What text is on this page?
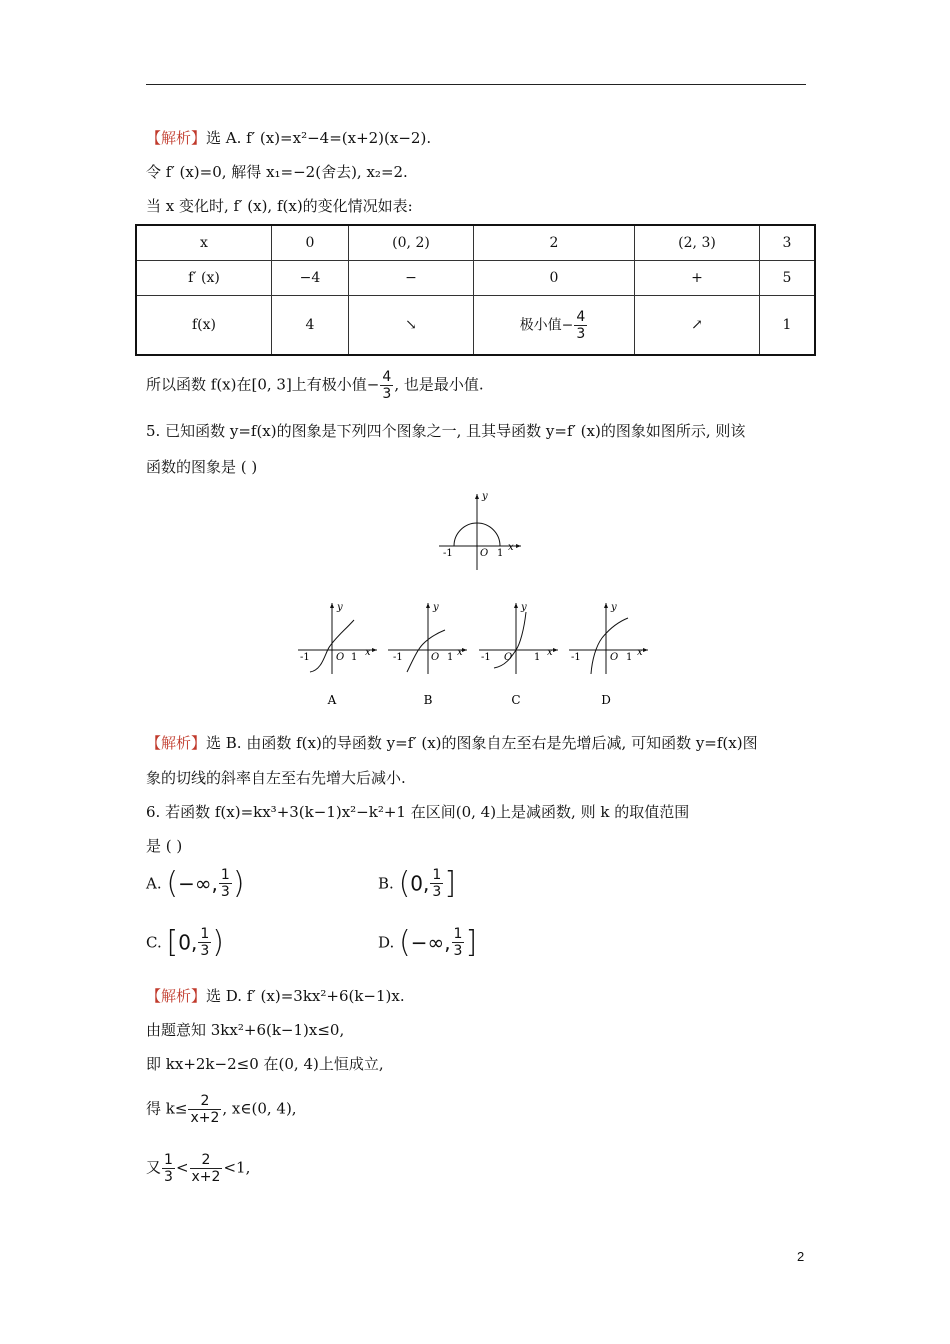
【解析】选 A. f′ (x)=x²−4=(x+2)(x−2).
令 f′ (x)=0, 解得 x₁=−2(舍去), x₂=2.
当 x 变化时, f′ (x), f(x)的变化情况如表:
x	0	(0, 2)	2	(2, 3)	3
f′ (x)	−4	−	0	+	5
f(x)	4	↘	极小值− $\frac{4}{3}$	↗	1
所以函数 f(x)在[0, 3]上有极小值− $\frac{4}{3}$ , 也是最小值.
5. 已知函数 y=f(x)的图象是下列四个图象之一, 且其导函数 y=f′ (x)的图象如图所示, 则该
函数的图象是 ( )
y
x
O
-1	1
y
x
O
-1	1
A
y
x
O
-1	1
B
y
x
O
-1	1
C
y
x
O
-1	1
D
【解析】选 B. 由函数 f(x)的导函数 y=f′ (x)的图象自左至右是先增后减, 可知函数 y=f(x)图
象的切线的斜率自左至右先增大后减小.
6. 若函数 f(x)=kx³+3(k−1)x²−k²+1 在区间(0, 4)上是减函数, 则 k 的取值范围
是 ( )
A. (−∞, $\frac{1}{3}$ )	B. (0, $\frac{1}{3}$ ]
C. [0, $\frac{1}{3}$ )	D. (−∞, $\frac{1}{3}$ ]
【解析】选 D. f′ (x)=3kx²+6(k−1)x.
由题意知 3kx²+6(k−1)x≤0,
即 kx+2k−2≤0 在(0, 4)上恒成立,
得 $k\le \frac{2}{x+2}$ , x∈(0, 4),
又 $\frac{1}{3} < \frac{2}{x+2} <1$,
2
